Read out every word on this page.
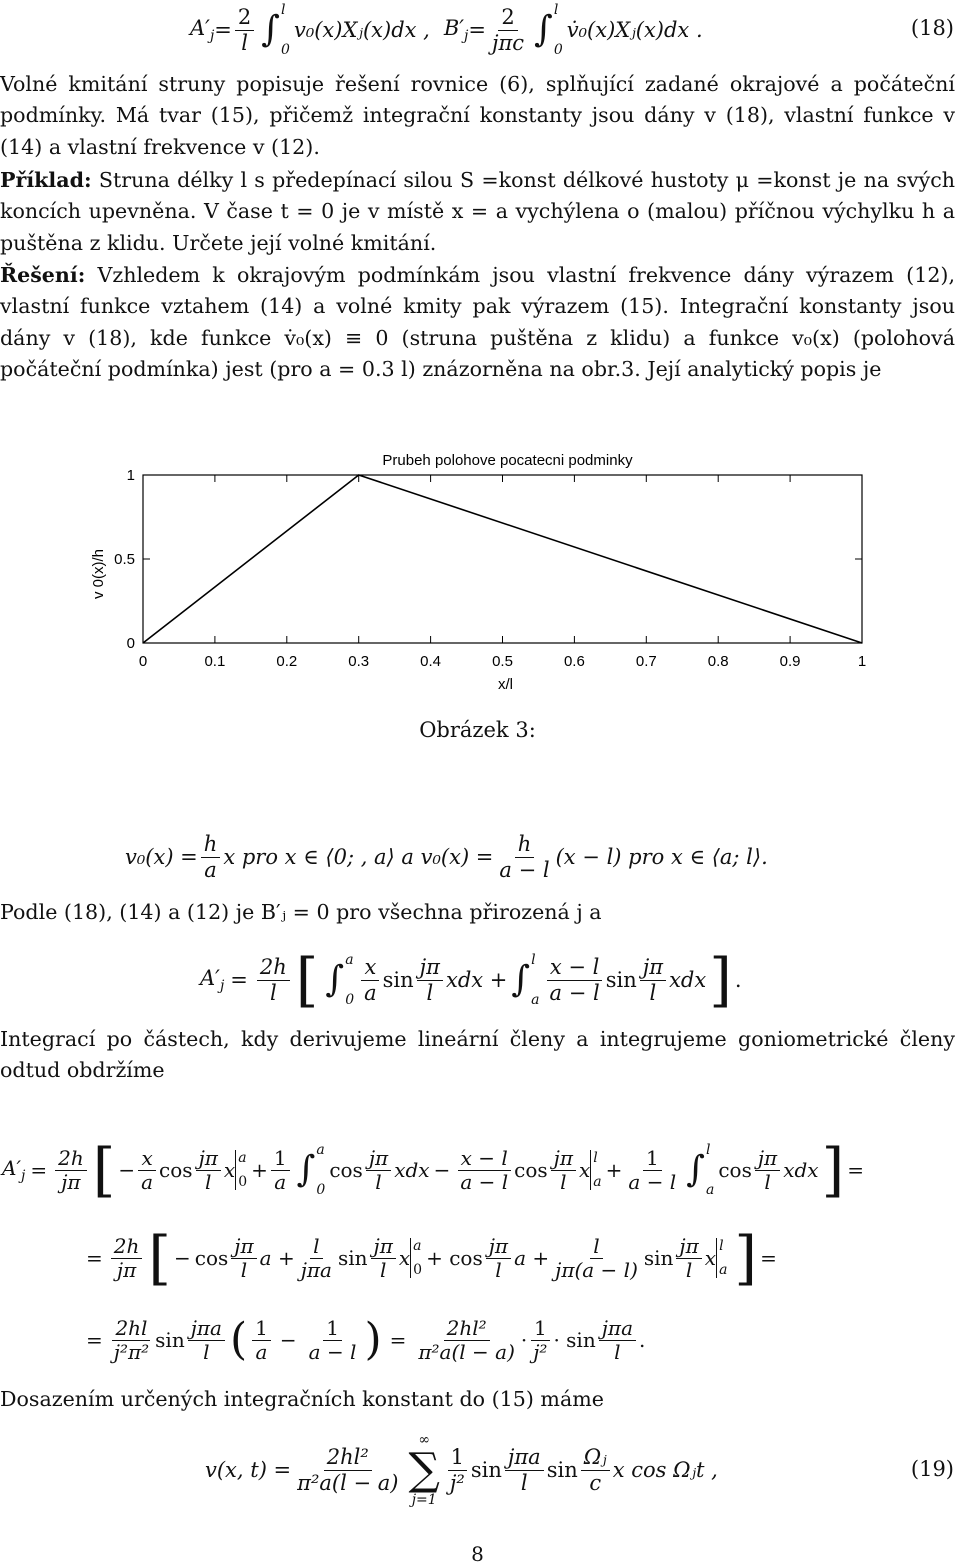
$A'_j = \frac{2}{l}$ ∫ l
0
v₀(x)Xⱼ(x)dx , $B'_j = \frac{2}{\text{jπc}}$ ∫ l
0
v̇₀(x)Xⱼ(x)dx .	(18)
Volné kmitání struny popisuje řešení rovnice (6), splňující zadané okrajové a počáteční podmínky. Má tvar (15), přičemž integrační konstanty jsou dány v (18), vlastní funkce v (14) a vlastní frekvence v (12).
Příklad: Struna délky l s předepínací silou S =konst délkové hustoty μ =konst je na svých koncích upevněna. V čase t = 0 je v místě x = a vychýlena o (malou) příčnou výchylku h a puštěna z klidu. Určete její volné kmitání.
Řešení: Vzhledem k okrajovým podmínkám jsou vlastní frekvence dány výrazem (12), vlastní funkce vztahem (14) a volné kmity pak výrazem (15). Integrační konstanty jsou dány v (18), kde funkce v̇₀(x) ≡ 0 (struna puštěna z klidu) a funkce v₀(x) (polohová počáteční podmínka) jest (pro a = 0.3 l) znázorněna na obr.3. Její analytický popis je
0	0.1	0.2	0.3	0.4	0.5	0.6	0.7	0.8	0.9	1
0
0.5
1
Prubeh polohove pocatecni podminky
x/l
v 0(x)/h
Obrázek 3:
$v_0(x) = \frac{h}{a}$ x pro x ∈ ⟨0; , a⟩ a $v_0(x) = \frac{h}{a - l} (x - l)$ pro x ∈ ⟨a; l⟩.
Podle (18), (14) a (12) je B′ⱼ = 0 pro všechna přirozená j a
$A'_j = \frac{2h}{l}$ [ ∫ a
$0 \frac{x}{a}$ $\sin \frac{j\pi}{l}$ xdx + ∫ l
a $\frac{x - l}{a - l}$ $\sin \frac{j\pi}{l}$ xdx ] .
Integrací po částech, kdy derivujeme lineární členy a integrujeme goniometrické členy odtud obdržíme
$A'_j = \frac{2h}{j\pi}$ [ − $\frac{x}{a}$ $\cos \frac{j\pi}{l}$ x a
$0 + \frac{1}{a}$ ∫ a
0
$\cos \frac{j\pi}{l}$ xdx − $\frac{x - l}{a - l}$ $\cos \frac{j\pi}{l}$ x l
$a + \frac{1}{a - l}$ ∫ l
a
$\cos \frac{j\pi}{l}$ xdx ] =
= $\frac{2h}{j\pi}$ [ − $\cos \frac{j\pi}{l}$ $a + \frac{l}{\text{jπa}}$ $\sin \frac{j\pi}{l}$ x a
$0 + \cos \frac{j\pi}{l}$ $a + \frac{l}{j\pi(a - l)}$ $\sin \frac{j\pi}{l}$ x l
a ] =
= $\frac{2hl}{\text{j²π²}}$ $\sin \frac{\text{jπa}}{l}$ ( $\frac{1}{a} - \frac{1}{a - l}$ ) = $\frac{\text{2hl²}}{\text{π²a(l − a)}} \cdot \frac{1}{\text{j²}} \cdot \sin \frac{\text{jπa}}{l}$ .
Dosazením určených integračních konstant do (15) máme
v(x, $t) = \frac{\text{2hl²}}{\text{π²a(l − a)}}$
∞
∑
j=1
$\frac{1}{\text{j²}}$ $\sin \frac{\text{jπa}}{l}$ $\sin \frac{\text{Ωⱼ}}{c}$ x cos Ωⱼt ,	(19)
8
